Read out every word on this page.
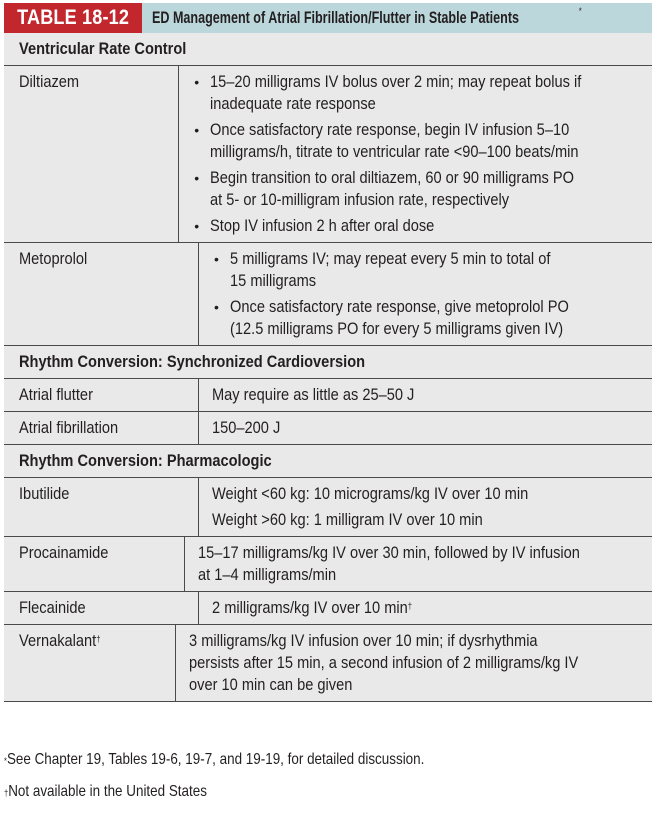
TABLE 18-12 ED Management of Atrial Fibrillation/Flutter in Stable Patients	*
Ventricular Rate Control
Diltiazem	• 15–20 milligrams IV bolus over 2 min; may repeat bolus if
inadequate rate response
• Once satisfactory rate response, begin IV infusion 5–10
milligrams/h, titrate to ventricular rate <90–100 beats/min
• Begin transition to oral diltiazem, 60 or 90 milligrams PO
at 5- or 10-milligram infusion rate, respectively
• Stop IV infusion 2 h after oral dose
Metoprolol	• 5 milligrams IV; may repeat every 5 min to total of
15 milligrams
• Once satisfactory rate response, give metoprolol PO
(12.5 milligrams PO for every 5 milligrams given IV)
Rhythm Conversion: Synchronized Cardioversion
Atrial flutter	May require as little as 25–50 J
Atrial fibrillation	150–200 J
Rhythm Conversion: Pharmacologic
Ibutilide	Weight <60 kg: 10 micrograms/kg IV over 10 min
Weight >60 kg: 1 milligram IV over 10 min
Procainamide	15–17 milligrams/kg IV over 30 min, followed by IV infusion
at 1–4 milligrams/min
Flecainide	2 milligrams/kg IV over 10 min†
Vernakalant†	3 milligrams/kg IV infusion over 10 min; if dysrhythmia
persists after 15 min, a second infusion of 2 milligrams/kg IV
over 10 min can be given
*See Chapter 19, Tables 19-6, 19-7, and 19-19, for detailed discussion.
†Not available in the United States
